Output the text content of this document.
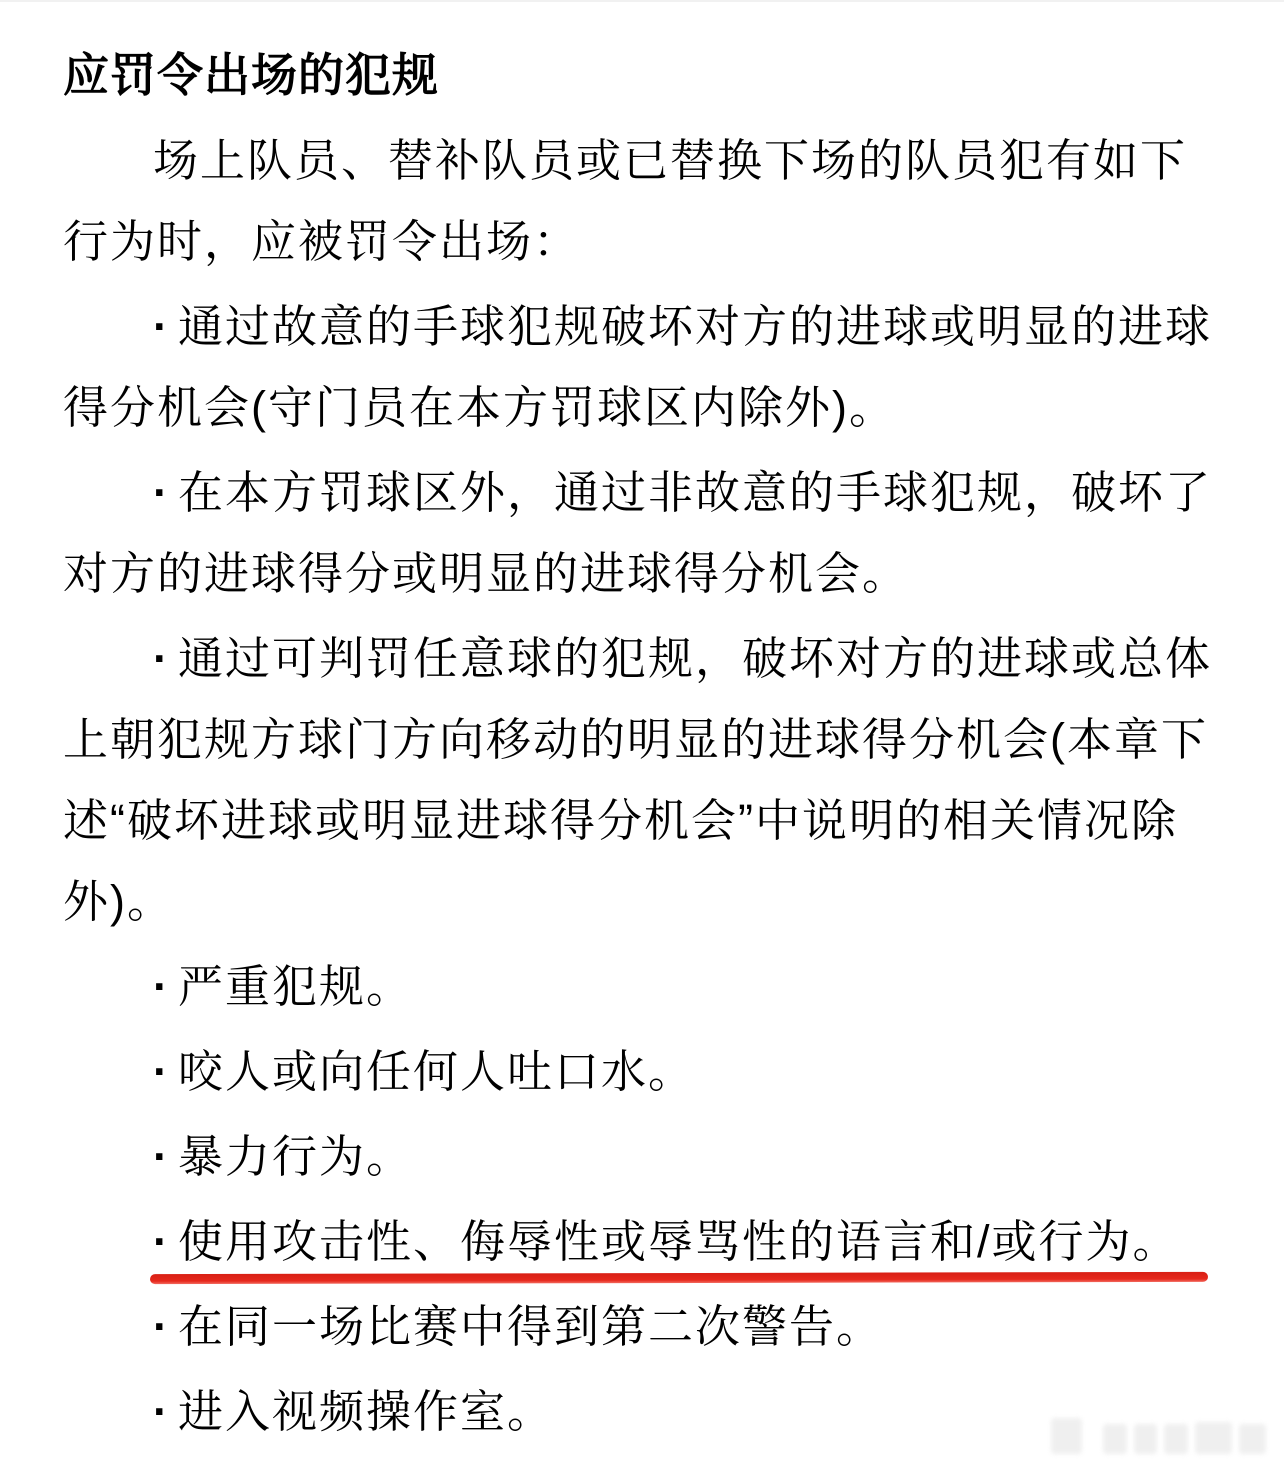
应罚令出场的犯规

场上队员、替补队员或已替换下场的队员犯有如下

行为时，应被罚令出场：

· 通过故意的手球犯规破坏对方的进球或明显的进球

得分机会(守门员在本方罚球区内除外)。

· 在本方罚球区外，通过非故意的手球犯规，破坏了

对方的进球得分或明显的进球得分机会。

· 通过可判罚任意球的犯规，破坏对方的进球或总体

上朝犯规方球门方向移动的明显的进球得分机会(本章下

述“破坏进球或明显进球得分机会”中说明的相关情况除

外)。

· 严重犯规。

· 咬人或向任何人吐口水。

· 暴力行为。

· 使用攻击性、侮辱性或辱骂性的语言和/或行为。

· 在同一场比赛中得到第二次警告。

· 进入视频操作室。
